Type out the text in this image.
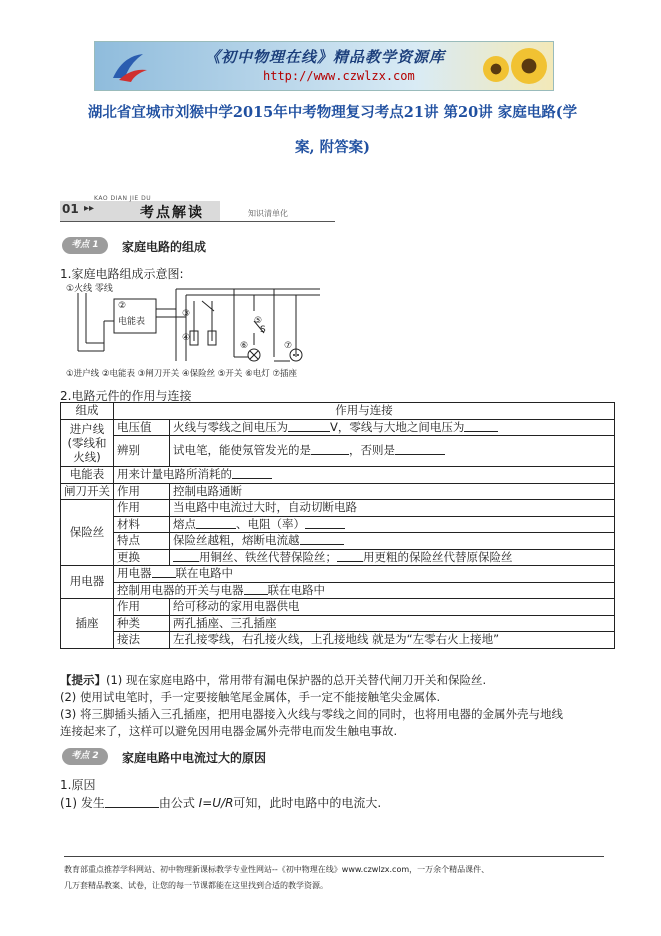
《初中物理在线》精品教学资源库
http://www.czwlzx.com
湖北省宜城市刘猴中学2015年中考物理复习考点21讲 第20讲 家庭电路(学
案, 附答案)
01 ▸▸
KAO DIAN JIE DU
考点解读	知识清单化
考点 1	家庭电路的组成
1.家庭电路组成示意图:
①火线 零线
②
电能表
③
④
⑤
S
⑥	⑦
①进户线 ②电能表 ③闸刀开关 ④保险丝 ⑤开关 ⑥电灯 ⑦插座
2.电路元件的作用与连接
组成	作用与连接	

进户线
(零线和
火线)	电压值	火线与零线之间电压为 V，零线与大地之间电压为
	辨别	试电笔，能使氖管发光的是 ，否则是
电能表	用来计量电路所消耗的	
闸刀开关	作用	控制电路通断
保险丝	作用	当电路中电流过大时，自动切断电路
	材料	熔点 、电阻（率）
	特点	保险丝越粗，熔断电流越
	更换	用铜丝、铁丝代替保险丝； 用更粗的保险丝代替原保险丝
用电器	用电器 联在电路中	
	控制用电器的开关与电器 联在电路中	
插座	作用	给可移动的家用电器供电
	种类	两孔插座、三孔插座
	接法	左孔接零线，右孔接火线，上孔接地线 就是为“左零右火上接地”
【提示】(1) 现在家庭电路中，常用带有漏电保护器的总开关替代闸刀开关和保险丝.
(2) 使用试电笔时，手一定要接触笔尾金属体，手一定不能接触笔尖金属体.
(3) 将三脚插头插入三孔插座，把用电器接入火线与零线之间的同时，也将用电器的金属外壳与地线
连接起来了，这样可以避免因用电器金属外壳带电而发生触电事故.
考点 2	家庭电路中电流过大的原因
1.原因
(1) 发生	由公式 I=U/R可知，此时电路中的电流大.
教育部重点推荐学科网站、初中物理新课标教学专业性网站--《初中物理在线》www.czwlzx.com，一万余个精品课件、
几万套精品教案、试卷，让您的每一节课都能在这里找到合适的教学资源。
